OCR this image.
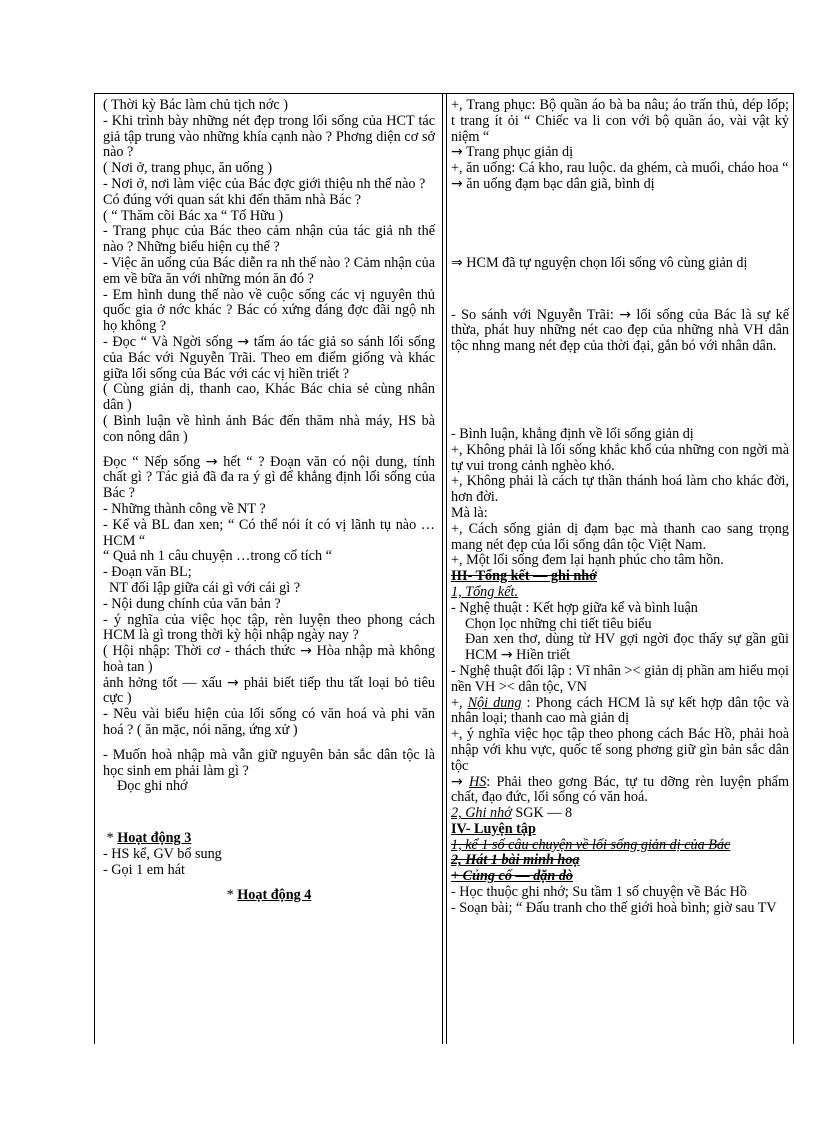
( Thời kỳ Bác làm chủ tịch nớc )

- Khi trình bày những nét đẹp trong lối sống của HCT tác giả tập trung vào những khía cạnh nào ? Phơng diện cơ sở nào ?

( Nơi ở, trang phục, ăn uống )

- Nơi ở, nơi làm việc của Bác đợc giới thiệu nh thế nào ?

Có đúng với quan sát khi đến thăm nhà Bác ?

( “ Thăm cõi Bác xa “ Tố Hữu )

- Trang phục của Bác theo cảm nhận của tác giả nh thế nào ? Những biểu hiện cụ thể ?

- Việc ăn uống của Bác diễn ra nh thế nào ? Cảm nhận của em về bữa ăn với những món ăn đó ?

- Em hình dung thế nào về cuộc sống các vị nguyên thủ quốc gia ở nớc khác ? Bác có xứng đáng đợc đãi ngộ nh họ không ?

- Đọc “ Và Ngời sống → tấm áo tác giả so sánh lối sống của Bác với Nguyễn Trãi. Theo em điểm giống và khác giữa lối sống của Bác với các vị hiền triết ?

( Cùng giản dị, thanh cao, Khác Bác chia sẻ cùng nhân dân )

( Bình luận về hình ảnh Bác đến thăm nhà máy, HS bà con nông dân )

Đọc “ Nếp sống → hết “ ? Đoạn văn có nội dung, tính chất gì ? Tác giả đã đa ra ý gì để khẳng định lối sống của Bác ?

- Những thành công về NT ?

- Kể và BL đan xen; “ Có thể nói ít có vị lãnh tụ nào …HCM “

“ Quả nh 1 câu chuyện …trong cổ tích “

- Đoạn văn BL;

NT đối lập giữa cái gì với cái gì ?

- Nội dung chính của văn bản ?

- ý nghĩa của việc học tập, rèn luyện theo phong cách HCM là gì trong thời kỳ hội nhập ngày nay ?

( Hội nhập: Thời cơ - thách thức → Hòa nhập mà không hoà tan )

ảnh hởng tốt — xấu → phải biết tiếp thu tất loại bỏ tiêu cực )

- Nêu vài biểu hiện của lối sống có văn hoá và phi văn hoá ? ( ăn mặc, nói năng, ứng xử )

- Muốn hoà nhập mà vẫn giữ nguyên bản sắc dân tộc là học sinh em phải làm gì ?

Đọc ghi nhớ

* Hoạt động 3

- HS kể, GV bổ sung

- Gọi 1 em hát

* Hoạt động 4

+, Trang phục: Bộ quần áo bà ba nâu; áo trấn thủ, dép lốp; t trang ít ỏi “ Chiếc va li con với bộ quần áo, vài vật kỷ niệm “

→ Trang phục giản dị

+, ăn uống: Cá kho, rau luộc. da ghém, cà muối, cháo hoa “

→ ăn uống đạm bạc dân giã, bình dị

⇒ HCM đã tự nguyện chọn lối sống vô cùng giản dị

- So sánh với Nguyễn Trãi: → lối sống của Bác là sự kế thừa, phát huy những nét cao đẹp của những nhà VH dân tộc nhng mang nét đẹp của thời đại, gắn bó với nhân dân.

- Bình luận, khẳng định về lối sống giản dị

+, Không phải là lối sống khắc khổ của những con ngời mà tự vui trong cảnh nghèo khó.

+, Không phải là cách tự thần thánh hoá làm cho khác đời, hơn đời.

Mà là:

+, Cách sống giản dị đạm bạc mà thanh cao sang trọng mang nét đẹp của lối sống dân tộc Việt Nam.

+, Một lối sống đem lại hạnh phúc cho tâm hồn.

III- Tổng kết — ghi nhớ

1, Tổng kết.

- Nghệ thuật : Kết hợp giữa kể và bình luận

Chọn lọc những chi tiết tiêu biểu

Đan xen thơ, dùng từ HV gợi ngời đọc thấy sự gần gũi HCM → Hiền triết

- Nghệ thuật đối lập : Vĩ nhân >< giản dị phần am hiểu mọi nền VH >< dân tộc, VN

+, Nội dung : Phong cách HCM là sự kết hợp dân tộc và nhân loại; thanh cao mà giản dị

+, ý nghĩa việc học tập theo phong cách Bác Hồ, phải hoà nhập với khu vực, quốc tế song phơng giữ gìn bản sắc dân tộc

→ HS: Phải theo gơng Bác, tự tu dỡng rèn luyện phẩm chất, đạo đức, lối sống có văn hoá.

2, Ghi nhớ SGK — 8

IV- Luyện tập

1, kể 1 số câu chuyện về lối sống giản dị của Bác

2, Hát 1 bài minh hoạ

+ Củng cố — dặn dò

- Học thuộc ghi nhớ; Su tầm 1 số chuyện về Bác Hồ

- Soạn bài; “ Đấu tranh cho thế giới hoà bình; giờ sau TV
